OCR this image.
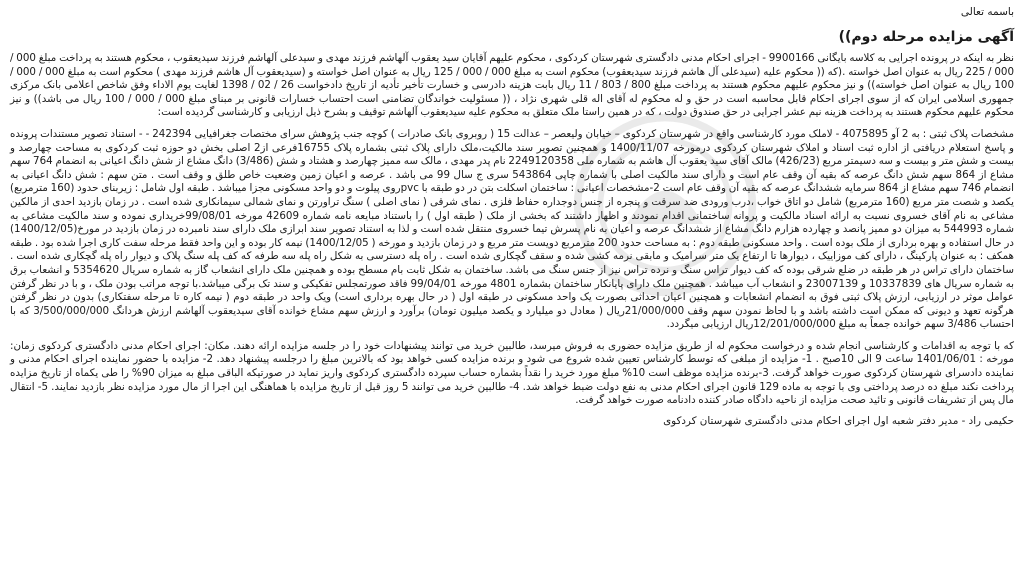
باسمه تعالی

آگهی مزایده مرحله دوم))

نظر به اینکه در پرونده اجرایی به کلاسه بایگانی 9900166 - اجرای احکام مدنی دادگستری شهرستان کردکوی ، محکوم علیهم آقایان سید یعقوب آلهاشم فرزند مهدی و سیدعلی آلهاشم فرزند سیدیعقوب ، محکوم هستند به پرداخت مبلغ 000 / 000 / 225 ریال به عنوان اصل خواسته .(که (( محکوم علیه (سیدعلی آل هاشم فرزند سیدیعقوب) محکوم است به مبلغ 000 / 000 / 125 ریال به عنوان اصل خواسته و (سیدیعقوب آل هاشم فرزند مهدی ) محکوم است به مبلغ 000 / 000 / 100 ریال به عنوان اصل خواسته)) و نیز محکوم علیهم محکوم هستند به پرداخت مبلغ 800 / 803 / 11 ریال بابت هزینه دادرسی و خسارت تأخیر تأدیه از تاریخ دادخواست 26 / 02 / 1398 لغایت یوم الاداء وفق شاخص اعلامی بانک مرکزی جمهوری اسلامی ایران که از سوی اجرای احکام قابل محاسبه است در حق و له محکوم له آقای اله قلی شهری نژاد ، (( مسئولیت خواندگان تضامنی است احتساب خسارات قانونی بر مبنای مبلغ 000 / 000 / 100 ریال می باشد)) و نیز محکوم علیهم محکوم هستند به پرداخت هزینه نیم عشر اجرایی در حق صندوق دولت ، که در همین راستا ملک متعلق به محکوم علیه سیدیعقوب آلهاشم توقیف و بشرح ذیل ارزیابی و کارشناسی گردیده است:

مشخصات پلاک ثبتی : به 2 آو 4075895 - لاملک مورد کارشناسی واقع در شهرستان کردکوی – خیابان ولیعصر – عدالت 15 ( روبروی بانک صادرات ) کوچه جنب پژوهش سرای مختصات جغرافیایی 242394 - - استناد تصویر مستندات پرونده و پاسخ استعلام دریافتی از اداره ثبت اسناد و املاک شهرستان کردکوی درمورخه 1400/11/07 و همچنین تصویر سند مالکیت،ملک دارای پلاک ثبتی بشماره پلاک 16755فرعی از2 اصلی بخش دو حوزه ثبت کردکوی به مساحت چهارصد و بیست و شش متر و بیست و سه دسیمتر مربع (426/23) مالک آقای سید یعقوب آل هاشم به شماره ملی 2249120358 نام پدر مهدی ، مالک سه ممیز چهارصد و هشتاد و شش (3/486) دانگ مشاع از شش دانگ اعیانی به انضمام 764 سهم مشاع از 864 سهم شش دانگ عرصه که بقیه آن وقف عام است و دارای سند مالکیت اصلی با شماره چاپی 543864 سری ج سال 99 می باشد . عرصه و اعیان زمین وضعیت خاص طلق و وقف است . متن سهم : شش دانگ اعیانی به انضمام 746 سهم مشاع از 864 سرمایه ششدانگ عرصه که بقیه آن وقف عام است 2-مشخصات اعیانی : ساختمان اسکلت بتن در دو طبقه با pvcروی پیلوت و دو واحد مسکونی مجزا میباشد . طبقه اول شامل : زیربنای حدود (160 مترمربع) یکصد و شصت متر مربع (160 مترمربع) شامل دو اتاق خواب ،درب ورودی ضد سرقت و پنجره از جنس دوجداره حفاظ فلزی . نمای شرقی ( نمای اصلی ) سنگ تراورتن و نمای شمالی سیمانکاری شده است . در زمان بازدید احدی از مالکین مشاعی به نام آقای خسروی نسبت به ارائه اسناد مالکیت و پروانه ساختمانی اقدام نمودند و اظهار داشتند که بخشی از ملک ( طبقه اول ) را باستناد مبایعه نامه شماره 42609 مورخه 99/08/01خریداری نموده و سند مالکیت مشاعی به شماره 544993 به میزان دو ممیز پانصد و چهارده هزارم دانگ مشاع از ششدانگ عرصه و اعیان به نام پسرش تیما خسروی منتقل شده است و لذا به استناد تصویر سند ابرازی ملک دارای سند نامبرده در زمان بازدید در مورخ(1400/12/05) در حال استفاده و بهره برداری از ملک بوده است . واحد مسکونی طبقه دوم : به مساحت حدود 200 مترمربع دویست متر مربع و در زمان بازدید و مورخه ( 1400/12/05) نیمه کار بوده و این واحد فقط مرحله سفت کاری اجرا شده بود . طبقه همکف : به عنوان پارکینگ ، دارای کف موزاییک ، دیوارها تا ارتفاع یک متر سرامیک و مابقی نرمه کشی شده و سقف گچکاری شده است . راه پله دسترسی به شکل راه پله سه طرفه که کف پله سنگ پلاک و دیوار راه پله گچکاری شده است . ساختمان دارای تراس در هر طبقه در ضلع شرقی بوده که کف دیوار تراس سنگ و نرده تراس نیز از جنس سنگ می باشد. ساختمان به شکل ثابت بام مسطح بوده و همچنین ملک دارای انشعاب گاز به شماره سریال 5354620 و انشعاب برق به شماره سریال های 10337839 و 23007139 و انشعاب آب میباشد . همچنین ملک دارای پایانکار ساختمان بشماره 4801 مورخه 99/04/01 فاقد صورتمجلس تفکیکی و سند تک برگی میباشد.با توجه مراتب بودن ملک ، و با در نظر گرفتن عوامل موثر در ارزیابی، ارزش پلاک ثبتی فوق به انضمام انشعابات و همچنین اعیان احداثی بصورت یک واحد مسکونی در طبقه اول ( در حال بهره برداری است) ویک واحد در طبقه دوم ( نیمه کاره تا مرحله سفتکاری) بدون در نظر گرفتن هرگونه تعهد و دیونی که ممکن است داشته باشد و با لحاظ نمودن سهم وقف 21/000/000ریال ( معادل دو میلیارد و یکصد میلیون تومان) برآورد و ارزش سهم مشاع خوانده آقای سیدیعقوب آلهاشم ارزش هردانگ 3/500/000/000 که با احتساب 3/486 سهم خوانده جمعاً به مبلغ 12/201/000/000ریال ارزیابی میگردد.

که با توجه به اقدامات و کارشناسی انجام شده و درخواست محکوم له از طریق مزایده حضوری به فروش میرسد، طالبین خرید می توانند پیشنهادات خود را در جلسه مزایده ارائه دهند. مکان: اجرای احکام مدنی دادگستری کردکوی زمان: مورخه : 1401/06/01 ساعت 9 الی 10صبح . 1- مزایده از مبلغی که توسط کارشناس تعیین شده شروع می شود و برنده مزایده کسی خواهد بود که بالاترین مبلغ را درجلسه پیشنهاد دهد. 2- مزایده با حضور نماینده اجرای احکام مدنی و نماینده دادسرای شهرستان کردکوی صورت خواهد گرفت. 3-برنده مزایده موظف است 10% مبلغ مورد خرید را نقداً بشماره حساب سپرده دادگستری کردکوی واریز نماید در صورتیکه الباقی مبلغ به میزان 90% را طی یکماه از تاریخ مزایده پرداخت نکند مبلغ ده درصد پرداختی وی با توجه به ماده 129 قانون اجرای احکام مدنی به نفع دولت ضبط خواهد شد. 4- طالبین خرید می توانند 5 روز قبل از تاریخ مزایده با هماهنگی این اجرا از مال مورد مزایده نظر بازدید نمایند. 5- انتقال مال پس از تشریفات قانونی و تائید صحت مزایده از ناحیه دادگاه صادر کننده دادنامه صورت خواهد گرفت.

حکیمی راد - مدیر دفتر شعبه اول اجرای احکام مدنی دادگستری شهرستان کردکوی
